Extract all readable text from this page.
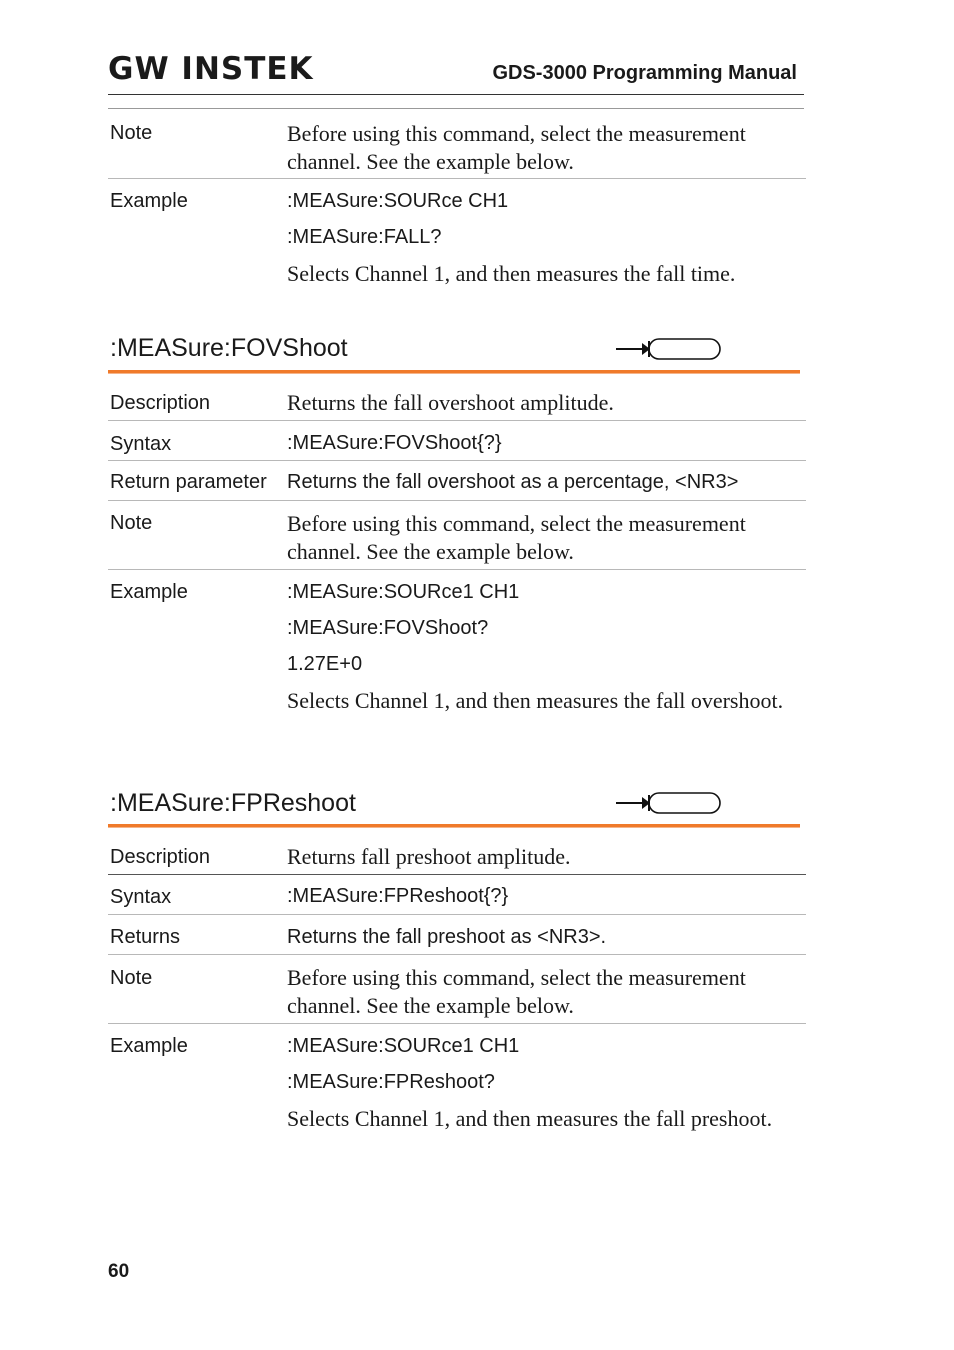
GW INSTEK	GDS-3000 Programming Manual
Note	Before using this command, select the measurement channel. See the example below.
Example	:MEASure:SOURce CH1
:MEASure:FALL?
Selects Channel 1, and then measures the fall time.
:MEASure:FOVShoot
Description	Returns the fall overshoot amplitude.
Syntax	:MEASure:FOVShoot{?}
Return parameter	Returns the fall overshoot as a percentage, <NR3>
Note	Before using this command, select the measurement channel. See the example below.
Example	:MEASure:SOURce1 CH1
:MEASure:FOVShoot?
1.27E+0
Selects Channel 1, and then measures the fall overshoot.
:MEASure:FPReshoot
Description	Returns fall preshoot amplitude.
Syntax	:MEASure:FPReshoot{?}
Returns	Returns the fall preshoot as <NR3>.
Note	Before using this command, select the measurement channel. See the example below.
Example	:MEASure:SOURce1 CH1
:MEASure:FPReshoot?
Selects Channel 1, and then measures the fall preshoot.
60
